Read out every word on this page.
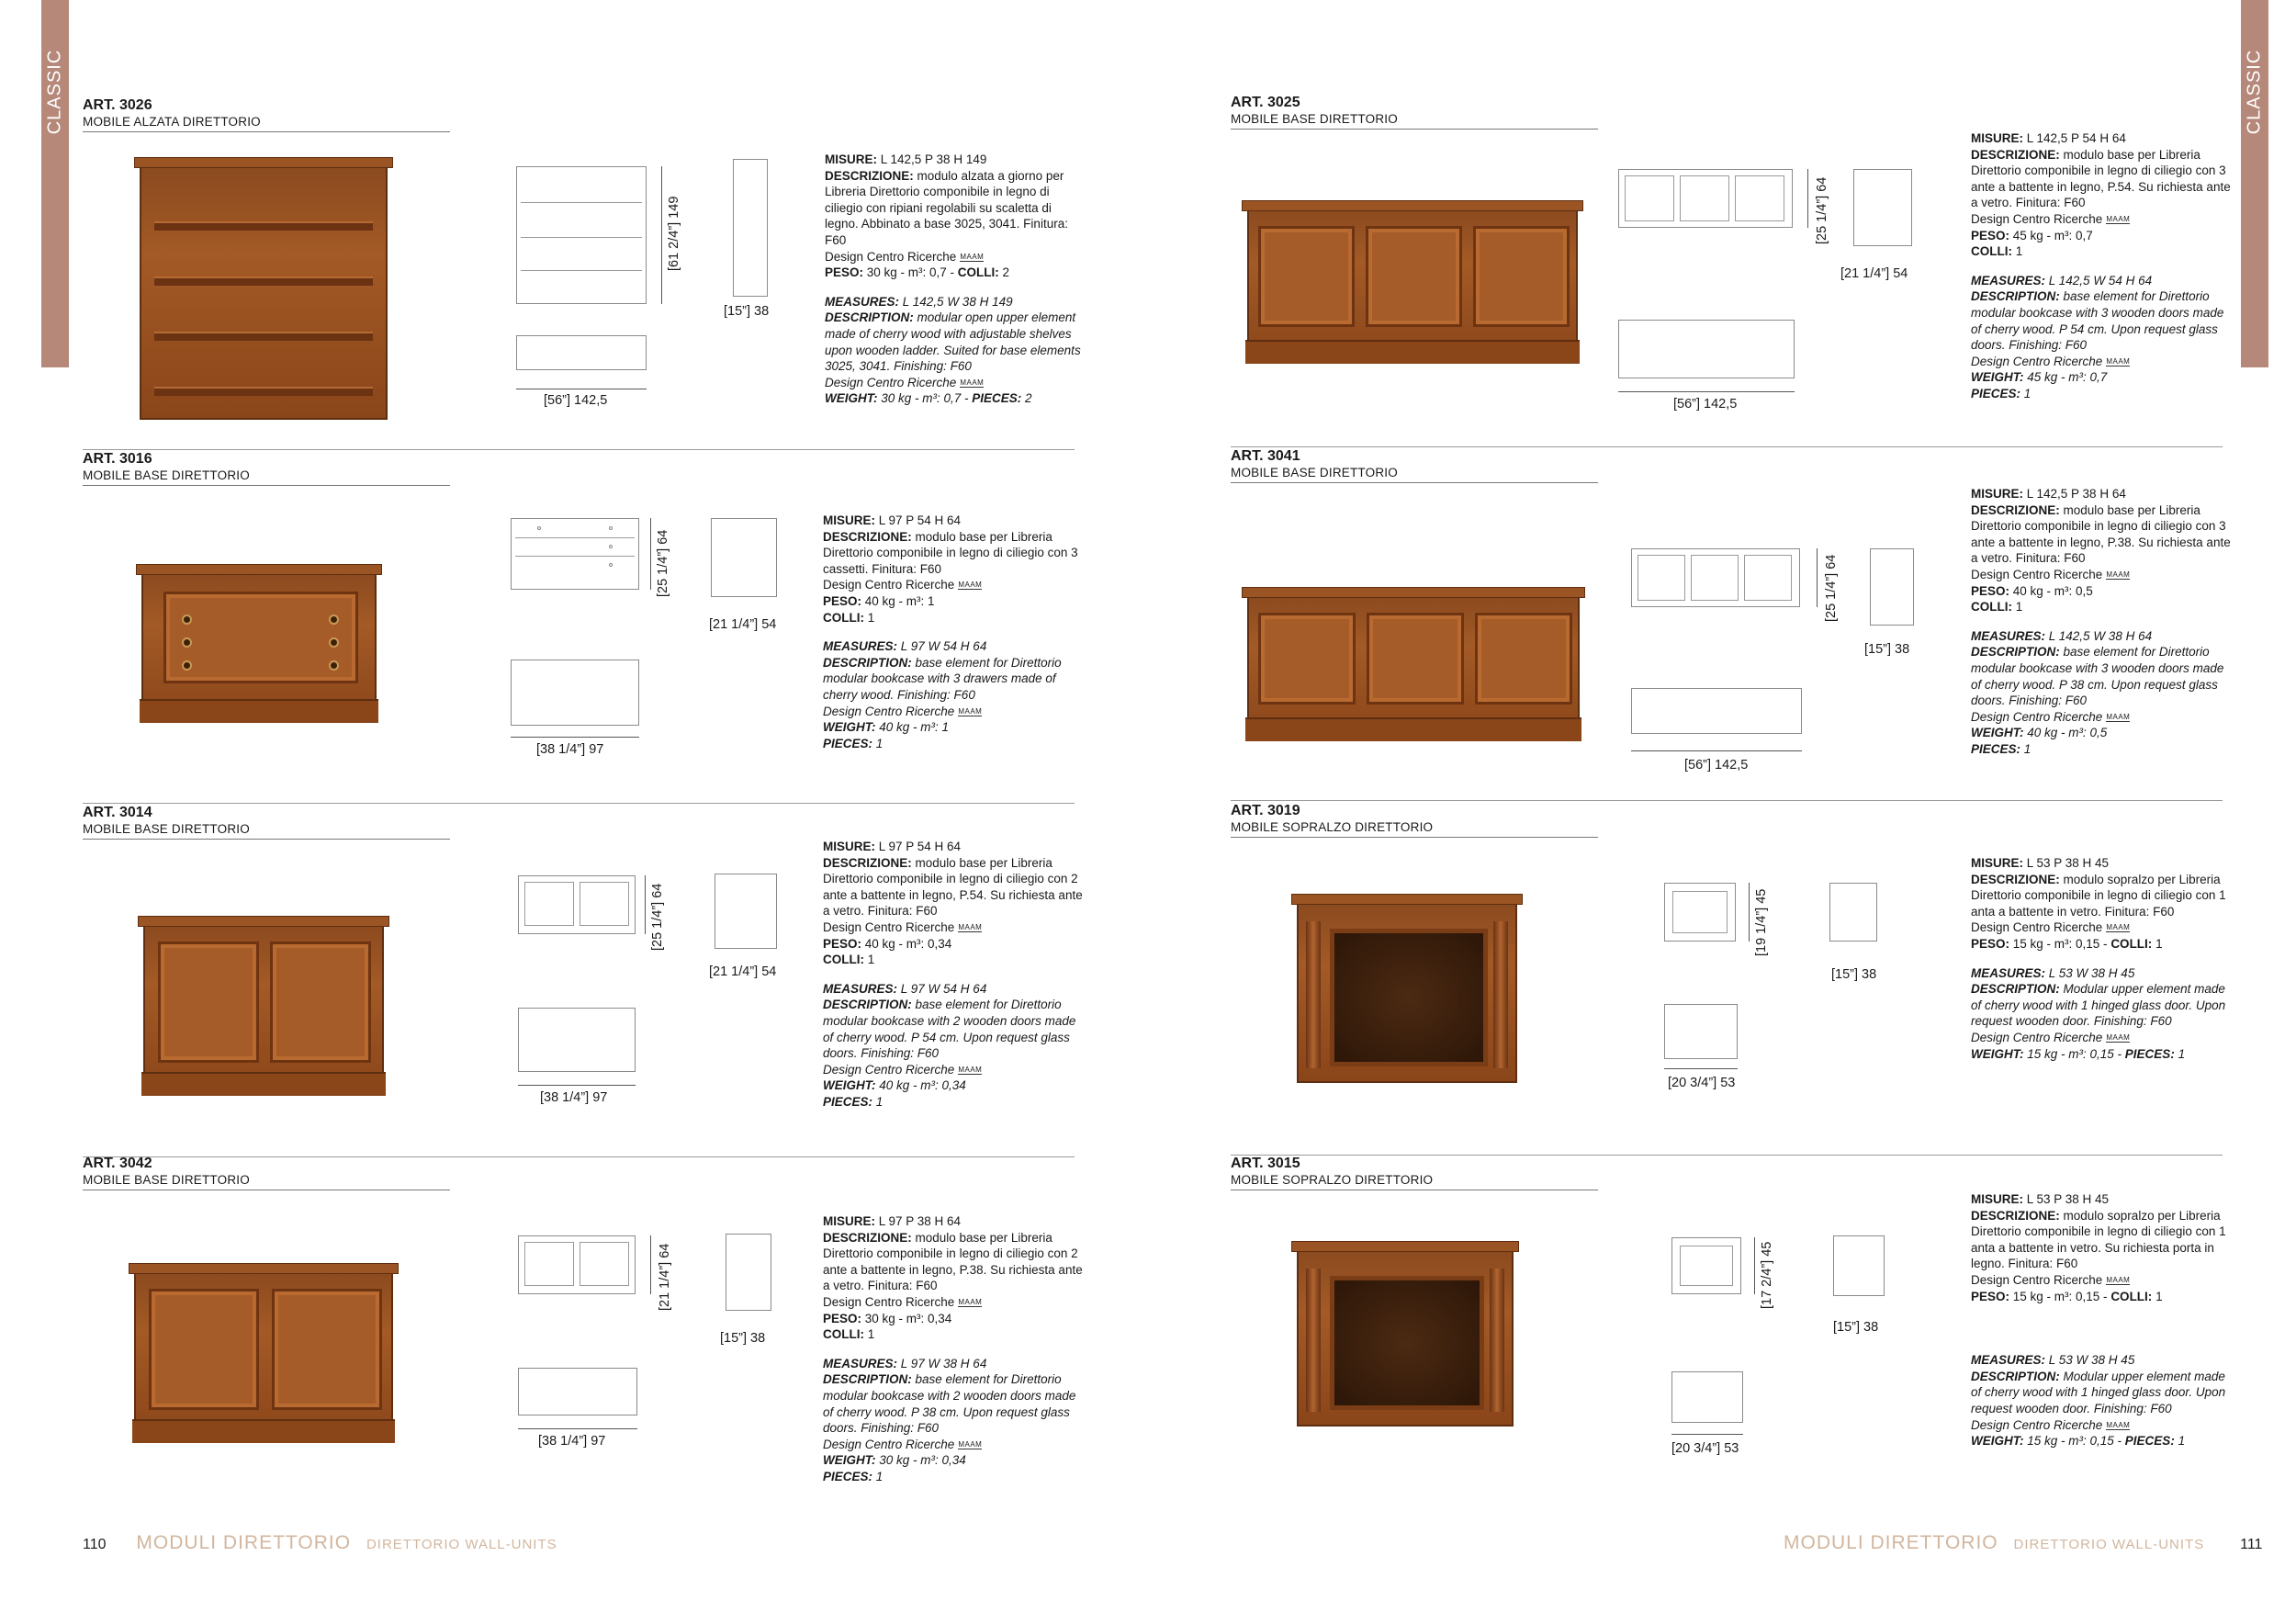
CLASSIC	CLASSIC
ART. 3026
MOBILE ALZATA DIRETTORIO
[61 2/4”] 149
[15”] 38
[56”] 142,5
MISURE: L 142,5 P 38 H 149
DESCRIZIONE: modulo alzata a giorno per Libreria Direttorio componibile in legno di ciliegio con ripiani regolabili su scaletta di legno. Abbinato a base 3025, 3041. Finitura: F60
Design Centro Ricerche MAAM
PESO: 30 kg - m³: 0,7 - COLLI: 2
MEASURES: L 142,5 W 38 H 149
DESCRIPTION: modular open upper element made of cherry wood with adjustable shelves upon wooden ladder. Suited for base elements 3025, 3041. Finishing: F60
Design Centro Ricerche MAAM
WEIGHT: 30 kg - m³: 0,7 - PIECES: 2
ART. 3025
MOBILE BASE DIRETTORIO
[25 1/4”] 64
[21 1/4”] 54
[56”] 142,5
MISURE: L 142,5 P 54 H 64
DESCRIZIONE: modulo base per Libreria Direttorio componibile in legno di ciliegio con 3 ante a battente in legno, P.54. Su richiesta ante a vetro. Finitura: F60
Design Centro Ricerche MAAM
PESO: 45 kg - m³: 0,7
COLLI: 1
MEASURES: L 142,5 W 54 H 64
DESCRIPTION: base element for Direttorio modular bookcase with 3 wooden doors made of cherry wood. P 54 cm. Upon request glass doors. Finishing: F60
Design Centro Ricerche MAAM
WEIGHT: 45 kg - m³: 0,7
PIECES: 1
ART. 3016
MOBILE BASE DIRETTORIO
[25 1/4”] 64
[21 1/4”] 54
[38 1/4”] 97
MISURE: L 97 P 54 H 64
DESCRIZIONE: modulo base per Libreria Direttorio componibile in legno di ciliegio con 3 cassetti. Finitura: F60
Design Centro Ricerche MAAM
PESO: 40 kg - m³: 1
COLLI: 1
MEASURES: L 97 W 54 H 64
DESCRIPTION: base element for Direttorio modular bookcase with 3 drawers made of cherry wood. Finishing: F60
Design Centro Ricerche MAAM
WEIGHT: 40 kg - m³: 1
PIECES: 1
ART. 3041
MOBILE BASE DIRETTORIO
[25 1/4”] 64
[15”] 38
[56”] 142,5
MISURE: L 142,5 P 38 H 64
DESCRIZIONE: modulo base per Libreria Direttorio componibile in legno di ciliegio con 3 ante a battente in legno, P.38. Su richiesta ante a vetro. Finitura: F60
Design Centro Ricerche MAAM
PESO: 40 kg - m³: 0,5
COLLI: 1
MEASURES: L 142,5 W 38 H 64
DESCRIPTION: base element for Direttorio modular bookcase with 3 wooden doors made of cherry wood. P 38 cm. Upon request glass doors. Finishing: F60
Design Centro Ricerche MAAM
WEIGHT: 40 kg - m³: 0,5
PIECES: 1
ART. 3014
MOBILE BASE DIRETTORIO
[25 1/4”] 64
[21 1/4”] 54
[38 1/4”] 97
MISURE: L 97 P 54 H 64
DESCRIZIONE: modulo base per Libreria Direttorio componibile in legno di ciliegio con 2 ante a battente in legno, P.54. Su richiesta ante a vetro. Finitura: F60
Design Centro Ricerche MAAM
PESO: 40 kg - m³: 0,34
COLLI: 1
MEASURES: L 97 W 54 H 64
DESCRIPTION: base element for Direttorio modular bookcase with 2 wooden doors made of cherry wood. P 54 cm. Upon request glass doors. Finishing: F60
Design Centro Ricerche MAAM
WEIGHT: 40 kg - m³: 0,34
PIECES: 1
ART. 3019
MOBILE SOPRALZO DIRETTORIO
[19 1/4”] 45
[15”] 38
[20 3/4”] 53
MISURE: L 53 P 38 H 45
DESCRIZIONE: modulo sopralzo per Libreria Direttorio componibile in legno di ciliegio con 1 anta a battente in vetro. Finitura: F60
Design Centro Ricerche MAAM
PESO: 15 kg - m³: 0,15 - COLLI: 1
MEASURES: L 53 W 38 H 45
DESCRIPTION: Modular upper element made of cherry wood with 1 hinged glass door. Upon request wooden door. Finishing: F60
Design Centro Ricerche MAAM
WEIGHT: 15 kg - m³: 0,15 - PIECES: 1
ART. 3042
MOBILE BASE DIRETTORIO
[21 1/4”] 64
[15”] 38
[38 1/4”] 97
MISURE: L 97 P 38 H 64
DESCRIZIONE: modulo base per Libreria Direttorio componibile in legno di ciliegio con 2 ante a battente in legno, P.38. Su richiesta ante a vetro. Finitura: F60
Design Centro Ricerche MAAM
PESO: 30 kg - m³: 0,34
COLLI: 1
MEASURES: L 97 W 38 H 64
DESCRIPTION: base element for Direttorio modular bookcase with 2 wooden doors made of cherry wood. P 38 cm. Upon request glass doors. Finishing: F60
Design Centro Ricerche MAAM
WEIGHT: 30 kg - m³: 0,34
PIECES: 1
ART. 3015
MOBILE SOPRALZO DIRETTORIO
[17 2/4”] 45
[15”] 38
[20 3/4”] 53
MISURE: L 53 P 38 H 45
DESCRIZIONE: modulo sopralzo per Libreria Direttorio componibile in legno di ciliegio con 1 anta a battente in vetro. Su richiesta porta in legno. Finitura: F60
Design Centro Ricerche MAAM
PESO: 15 kg - m³: 0,15 - COLLI: 1
MEASURES: L 53 W 38 H 45
DESCRIPTION: Modular upper element made of cherry wood with 1 hinged glass door. Upon request wooden door. Finishing: F60
Design Centro Ricerche MAAM
WEIGHT: 15 kg - m³: 0,15 - PIECES: 1
110 MODULI DIRETTORIO DIRETTORIO WALL-UNITS	MODULI DIRETTORIO DIRETTORIO WALL-UNITS 111
